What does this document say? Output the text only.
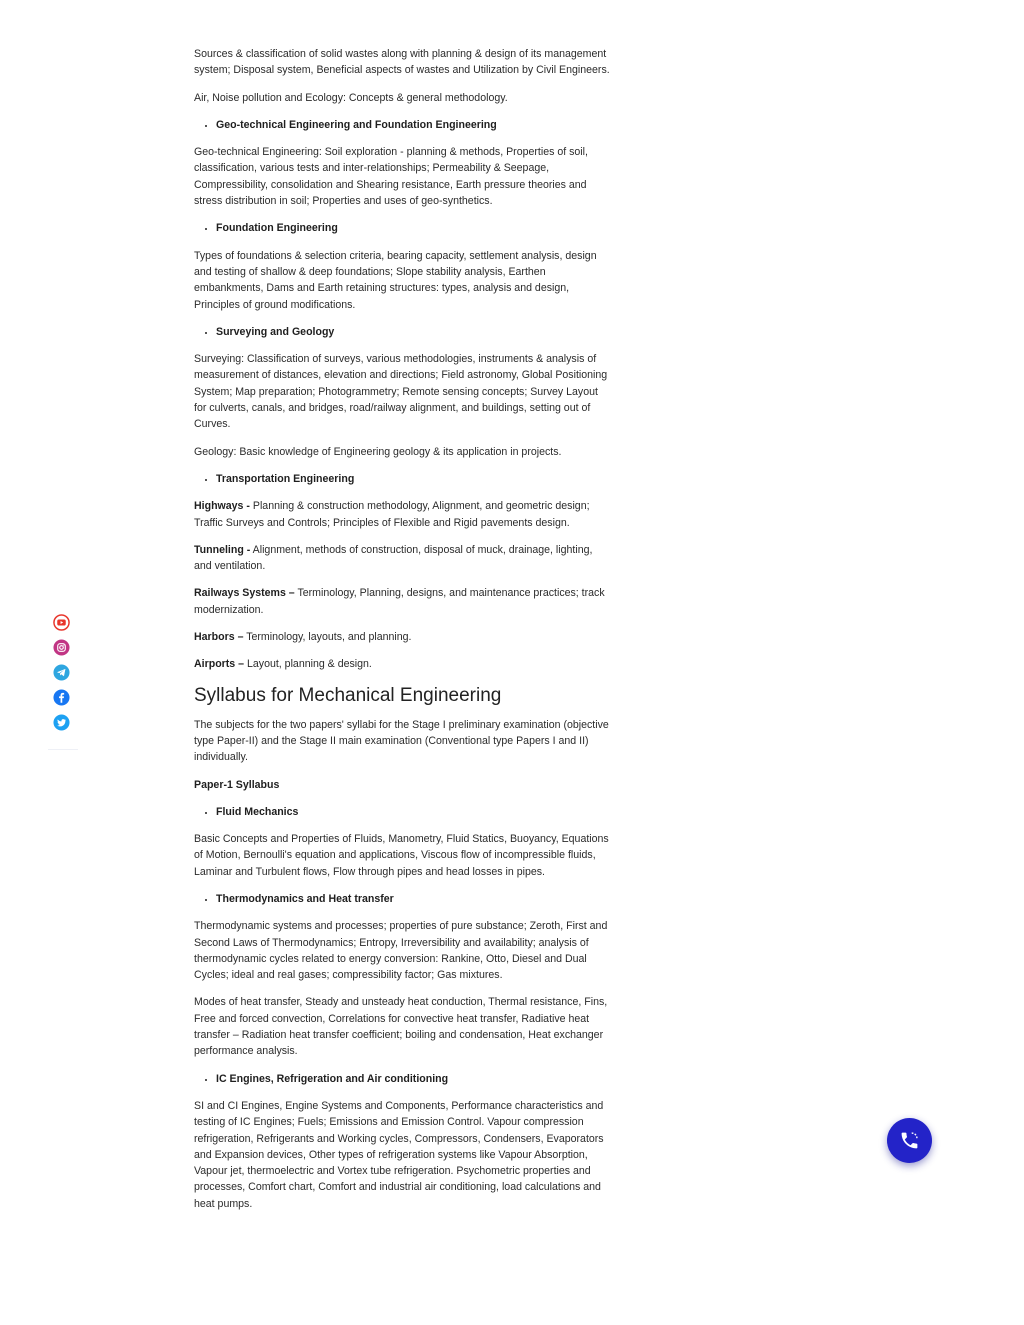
Sources & classification of solid wastes along with planning & design of its management system; Disposal system, Beneficial aspects of wastes and Utilization by Civil Engineers.

Air, Noise pollution and Ecology: Concepts & general methodology.

• Geo-technical Engineering and Foundation Engineering

Geo-technical Engineering: Soil exploration - planning & methods, Properties of soil, classification, various tests and inter-relationships; Permeability & Seepage, Compressibility, consolidation and Shearing resistance, Earth pressure theories and stress distribution in soil; Properties and uses of geo-synthetics.

• Foundation Engineering

Types of foundations & selection criteria, bearing capacity, settlement analysis, design and testing of shallow & deep foundations; Slope stability analysis, Earthen embankments, Dams and Earth retaining structures: types, analysis and design, Principles of ground modifications.

• Surveying and Geology

Surveying: Classification of surveys, various methodologies, instruments & analysis of measurement of distances, elevation and directions; Field astronomy, Global Positioning System; Map preparation; Photogrammetry; Remote sensing concepts; Survey Layout for culverts, canals, and bridges, road/railway alignment, and buildings, setting out of Curves.

Geology: Basic knowledge of Engineering geology & its application in projects.

• Transportation Engineering

Highways - Planning & construction methodology, Alignment, and geometric design; Traffic Surveys and Controls; Principles of Flexible and Rigid pavements design.

Tunneling - Alignment, methods of construction, disposal of muck, drainage, lighting, and ventilation.

Railways Systems – Terminology, Planning, designs, and maintenance practices; track modernization.

Harbors – Terminology, layouts, and planning.

Airports – Layout, planning & design.

Syllabus for Mechanical Engineering

The subjects for the two papers' syllabi for the Stage I preliminary examination (objective type Paper-II) and the Stage II main examination (Conventional type Papers I and II) individually.

Paper-1 Syllabus

• Fluid Mechanics

Basic Concepts and Properties of Fluids, Manometry, Fluid Statics, Buoyancy, Equations of Motion, Bernoulli's equation and applications, Viscous flow of incompressible fluids, Laminar and Turbulent flows, Flow through pipes and head losses in pipes.

• Thermodynamics and Heat transfer

Thermodynamic systems and processes; properties of pure substance; Zeroth, First and Second Laws of Thermodynamics; Entropy, Irreversibility and availability; analysis of thermodynamic cycles related to energy conversion: Rankine, Otto, Diesel and Dual Cycles; ideal and real gases; compressibility factor; Gas mixtures.

Modes of heat transfer, Steady and unsteady heat conduction, Thermal resistance, Fins, Free and forced convection, Correlations for convective heat transfer, Radiative heat transfer – Radiation heat transfer coefficient; boiling and condensation, Heat exchanger performance analysis.

• IC Engines, Refrigeration and Air conditioning

SI and CI Engines, Engine Systems and Components, Performance characteristics and testing of IC Engines; Fuels; Emissions and Emission Control. Vapour compression refrigeration, Refrigerants and Working cycles, Compressors, Condensers, Evaporators and Expansion devices, Other types of refrigeration systems like Vapour Absorption, Vapour jet, thermoelectric and Vortex tube refrigeration. Psychometric properties and processes, Comfort chart, Comfort and industrial air conditioning, load calculations and heat pumps.
